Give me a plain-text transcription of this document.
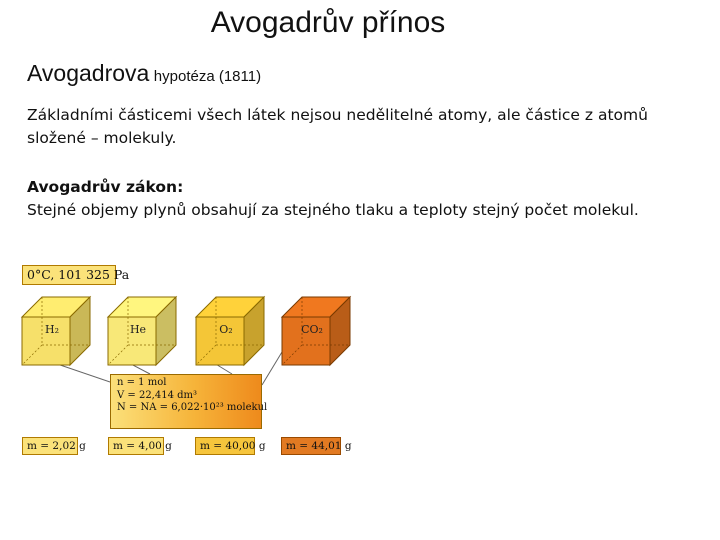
Avogadrův přínos
Avogadrova hypotéza (1811)
Základními částicemi všech látek nejsou nedělitelné atomy, ale částice z atomů složené – molekuly.
Avogadrův zákon:
Stejné objemy plynů obsahují za stejného tlaku a teploty stejný počet molekul.
H₂	He	O₂	CO₂
0°C, 101 325 Pa
m = 2,02 g	m = 4,00 g	m = 40,00 g	m = 44,01 g
n = 1 mol
V = 22,414 dm³
N = NA = 6,022·10²³ molekul
